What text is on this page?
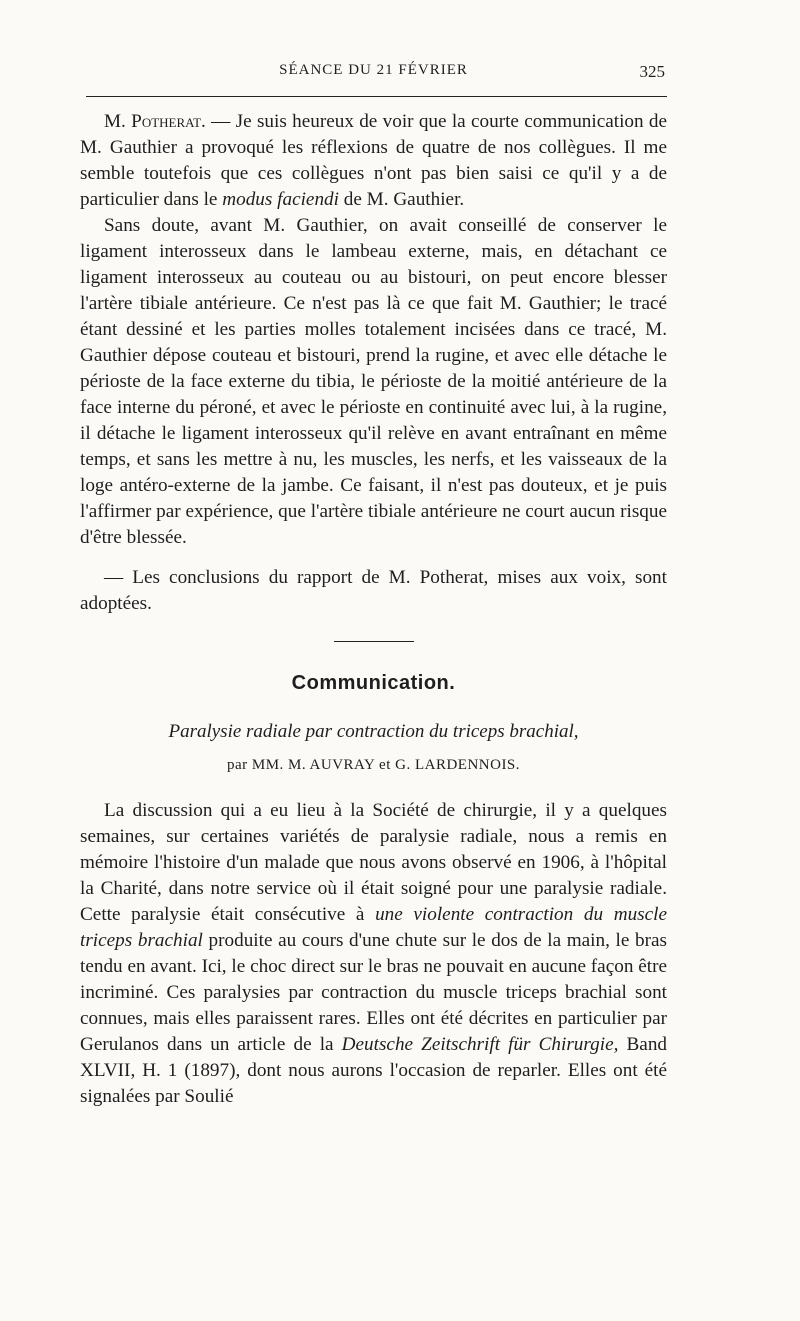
SÉANCE DU 21 FÉVRIER	325

M. Potherat. — Je suis heureux de voir que la courte communication de M. Gauthier a provoqué les réflexions de quatre de nos collègues. Il me semble toutefois que ces collègues n'ont pas bien saisi ce qu'il y a de particulier dans le modus faciendi de M. Gauthier.

Sans doute, avant M. Gauthier, on avait conseillé de conserver le ligament interosseux dans le lambeau externe, mais, en détachant ce ligament interosseux au couteau ou au bistouri, on peut encore blesser l'artère tibiale antérieure. Ce n'est pas là ce que fait M. Gauthier; le tracé étant dessiné et les parties molles totalement incisées dans ce tracé, M. Gauthier dépose couteau et bistouri, prend la rugine, et avec elle détache le périoste de la face externe du tibia, le périoste de la moitié antérieure de la face interne du péroné, et avec le périoste en continuité avec lui, à la rugine, il détache le ligament interosseux qu'il relève en avant entraînant en même temps, et sans les mettre à nu, les muscles, les nerfs, et les vaisseaux de la loge antéro-externe de la jambe. Ce faisant, il n'est pas douteux, et je puis l'affirmer par expérience, que l'artère tibiale antérieure ne court aucun risque d'être blessée.

— Les conclusions du rapport de M. Potherat, mises aux voix, sont adoptées.

Communication.
Paralysie radiale par contraction du triceps brachial,
par MM. M. AUVRAY et G. LARDENNOIS.

La discussion qui a eu lieu à la Société de chirurgie, il y a quelques semaines, sur certaines variétés de paralysie radiale, nous a remis en mémoire l'histoire d'un malade que nous avons observé en 1906, à l'hôpital la Charité, dans notre service où il était soigné pour une paralysie radiale. Cette paralysie était consécutive à une violente contraction du muscle triceps brachial produite au cours d'une chute sur le dos de la main, le bras tendu en avant. Ici, le choc direct sur le bras ne pouvait en aucune façon être incriminé. Ces paralysies par contraction du muscle triceps brachial sont connues, mais elles paraissent rares. Elles ont été décrites en particulier par Gerulanos dans un article de la Deutsche Zeitschrift für Chirurgie, Band XLVII, H. 1 (1897), dont nous aurons l'occasion de reparler. Elles ont été signalées par Soulié
